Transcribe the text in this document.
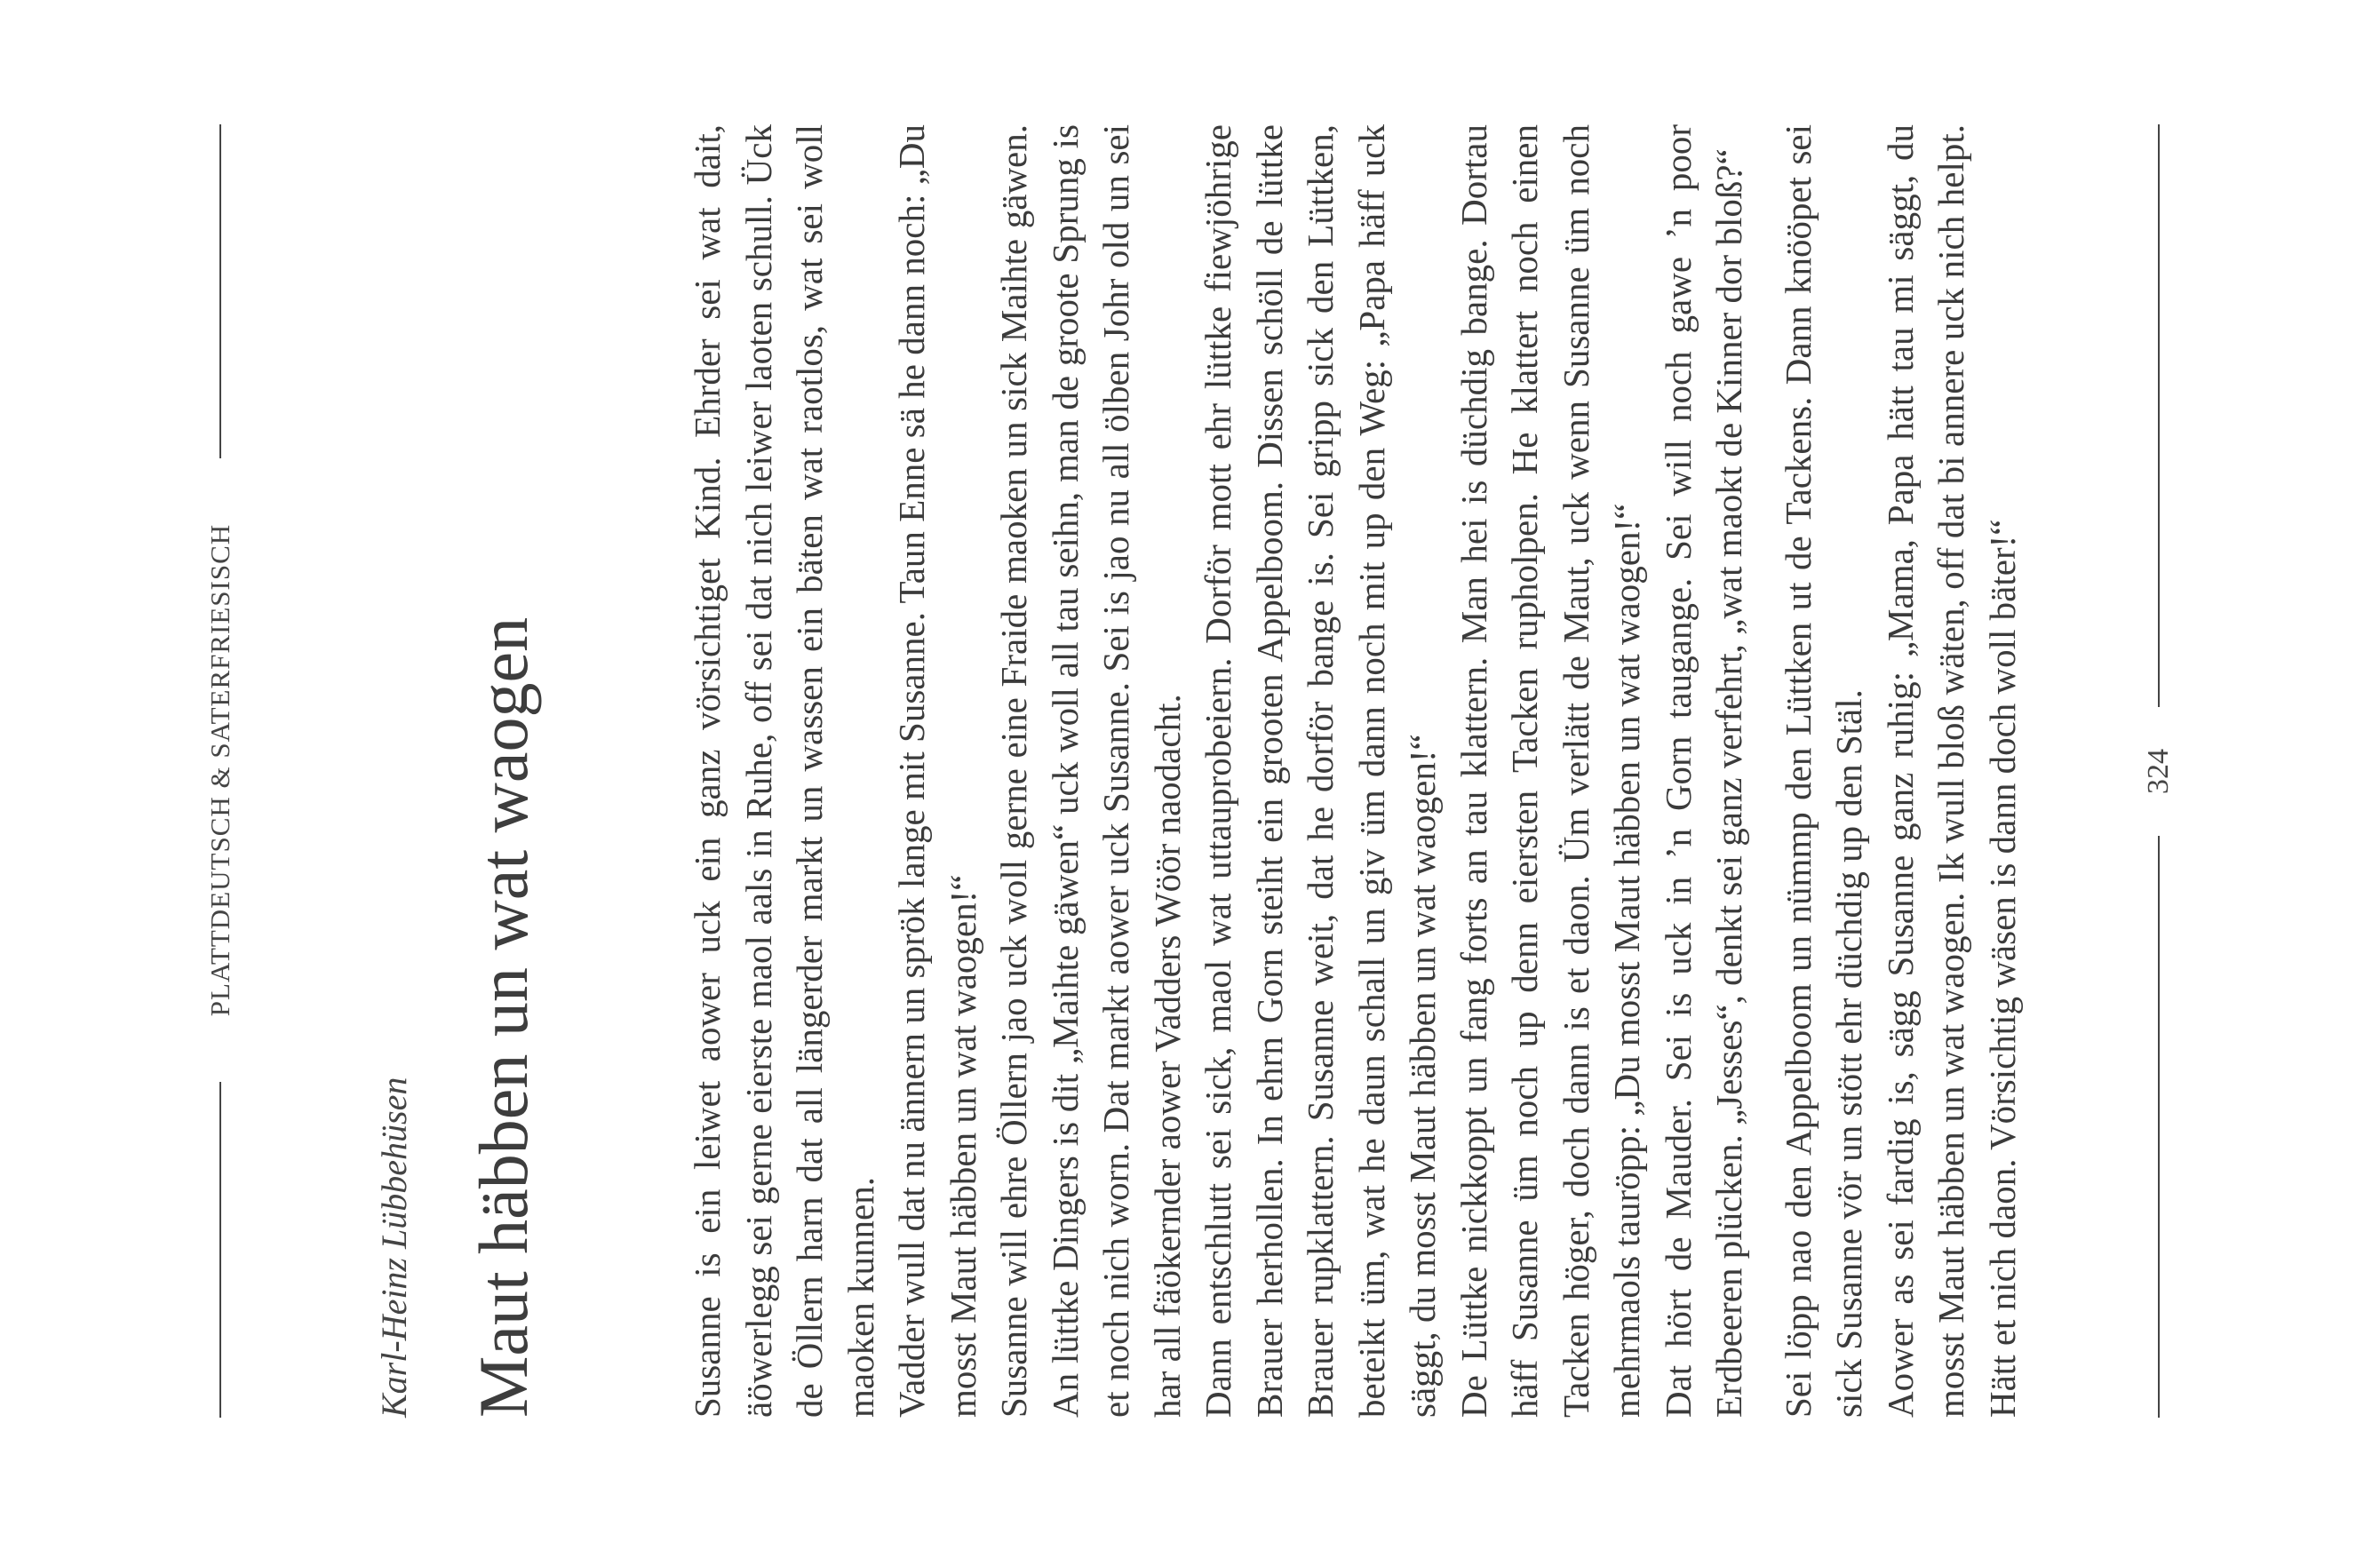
PLATTDEUTSCH & SATERFRIESISCH
Karl-Heinz Lübbehüsen Maut häbben un wat waogen	Susanne is ein leiwet aower uck ein ganz vörsichtiget Kind. Ehrder sei wat dait, äöwerlegg sei gerne eierste maol aals in Ruhe, off sei dat nich leiwer laoten schull. Ück de Öllern harn dat all längerder markt un wassen ein bäten wat raotlos, wat sei woll maoken kunnen. Vadder wull dat nu ännern un sprök lange mit Susanne. Taun Enne sä he dann noch: „Du mosst Maut häbben un wat waogen!“ Susanne will ehre Öllern jao uck woll gerne eine Fraide maoken un sick Maihte gäwen. An lüttke Dingers is dit „Maihte gäwen“ uck woll all tau seihn, man de groote Sprung is et noch nich worn. Dat markt aower uck Susanne. Sei is jao nu all ölben Johr old un sei har all fäökernder aower Vadders Wöör naodacht. Dann entschlutt sei sick, maol wat uttauprobeiern. Dorför mott ehr lüttke fiewjöhrige Brauer herhollen. In ehrn Gorn steiht ein grooten Appelboom. Dissen schöll de lüttke Brauer rupklattern. Susanne weit, dat he dorför bange is. Sei gripp sick den Lüttken, beteikt üm, wat he daun schall un giv üm dann noch mit up den Weg: „Papa häff uck säggt, du mosst Maut häbben un wat waogen!“ De Lüttke nickkoppt un fang forts an tau klattern. Man hei is düchdig bange. Dortau häff Susanne üm noch up denn eiersten Tacken rupholpen. He klattert noch einen Tacken höger, doch dann is et daon. Üm verlätt de Maut, uck wenn Susanne üm noch mehrmaols tauröpp: „Du mosst Maut häbben un wat waogen!“ Dat hört de Mauder. Sei is uck in ’n Gorn taugange. Sei will noch gawe ’n poor Erdbeeren plücken. „Jesses“, denkt sei ganz verfehrt, „wat maokt de Kinner dor bloß?“ Sei löpp nao den Appelboom un nümmp den Lüttken ut de Tackens. Dann knööpet sei sick Susanne vör un stött ehr düchdig up den Stäl. Aower as sei fardig is, sägg Susanne ganz ruhig: „Mama, Papa hätt tau mi säggt, du mosst Maut häbben un wat waogen. Ik wull bloß wäten, off dat bi annere uck nich helpt. Hätt et nich daon. Vörsichtig wäsen is dann doch woll bäter!“	324
